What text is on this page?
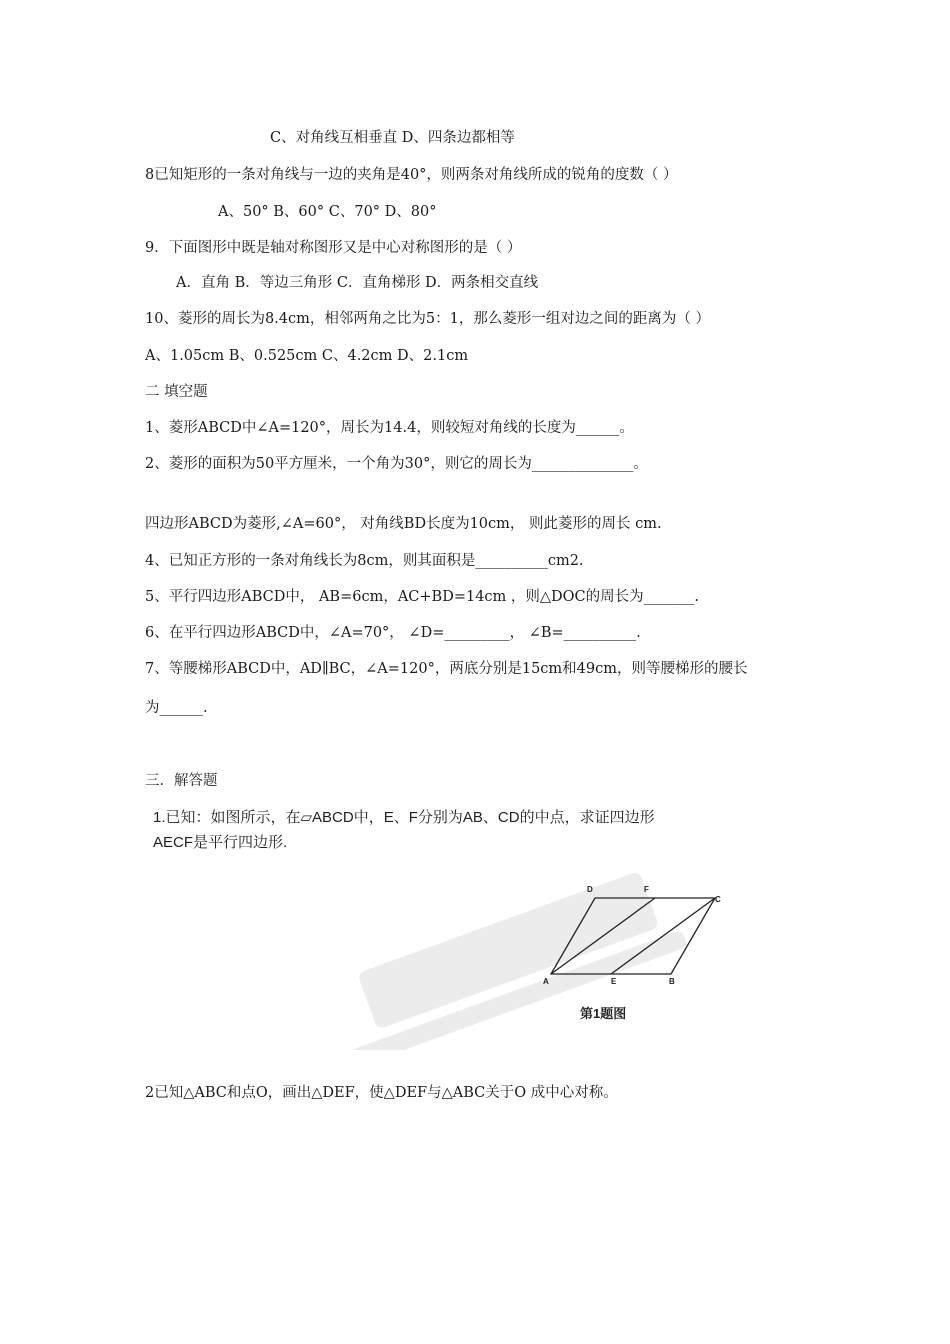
C、对角线互相垂直 D、四条边都相等
8已知矩形的一条对角线与一边的夹角是40°，则两条对角线所成的锐角的度数（ ）
A、50° B、60° C、70° D、80°
9．下面图形中既是轴对称图形又是中心对称图形的是（ ）
A．直角 B．等边三角形 C．直角梯形 D．两条相交直线
10、菱形的周长为8.4cm，相邻两角之比为5：1，那么菱形一组对边之间的距离为（ ）
A、1.05cm B、0.525cm C、4.2cm D、2.1cm
二 填空题
1、菱形ABCD中∠A=120°，周长为14.4，则较短对角线的长度为______。
2、菱形的面积为50平方厘米，一个角为30°，则它的周长为______________。
四边形ABCD为菱形,∠A=60°， 对角线BD长度为10cm， 则此菱形的周长 cm.
4、已知正方形的一条对角线长为8cm，则其面积是__________cm2.
5、平行四边形ABCD中， AB=6cm，AC+BD=14cm ，则△DOC的周长为_______.
6、在平行四边形ABCD中，∠A=70°， ∠D=_________， ∠B=__________.
7、等腰梯形ABCD中，AD∥BC，∠A=120°，两底分别是15cm和49cm，则等腰梯形的腰长
为______.
三．解答题
1.已知：如图所示，在▱ABCD中，E、F分别为AB、CD的中点，求证四边形
AECF是平行四边形.
D	F
C
A	E	B
第1题图
2已知△ABC和点O，画出△DEF，使△DEF与△ABC关于O 成中心对称。
